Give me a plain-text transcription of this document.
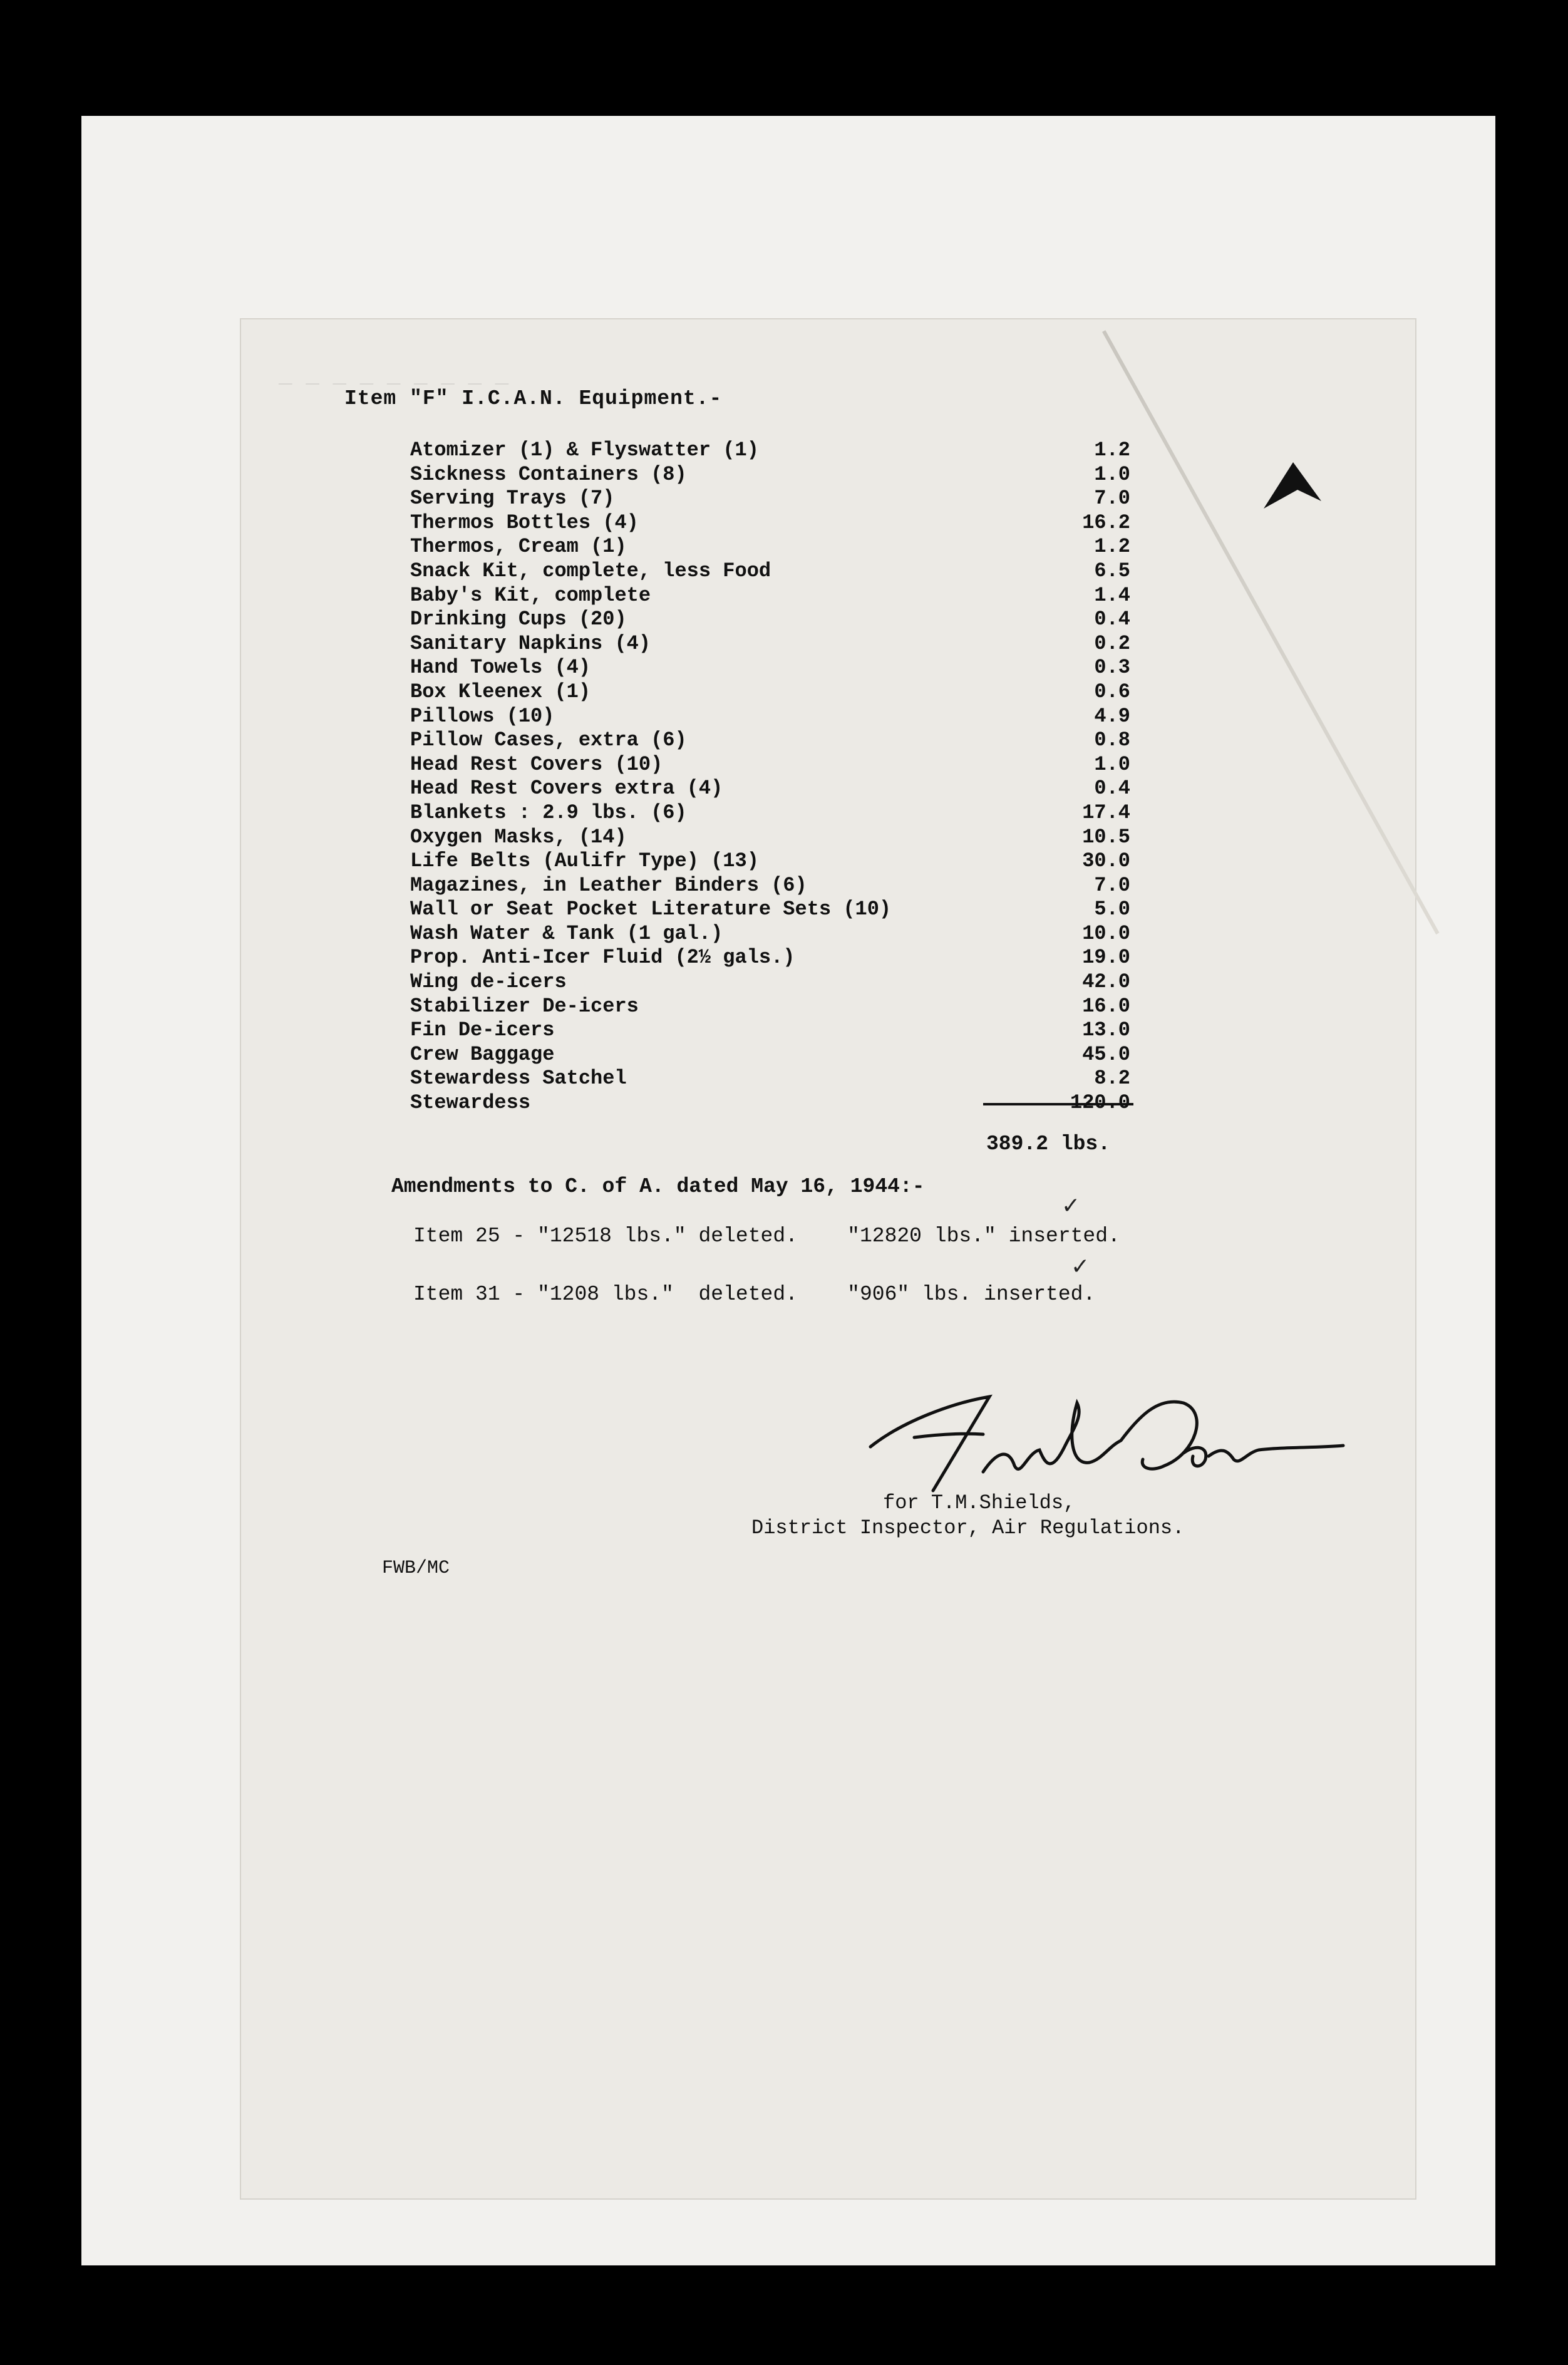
_ _ _ _ _ _ _ _ _
Item "F" I.C.A.N. Equipment.-
Atomizer (1) & Flyswatter (1)	1.2
Sickness Containers (8)	1.0
Serving Trays (7)	7.0
Thermos Bottles (4)	16.2
Thermos, Cream (1)	1.2
Snack Kit, complete, less Food	6.5
Baby's Kit, complete	1.4
Drinking Cups (20)	0.4
Sanitary Napkins (4)	0.2
Hand Towels (4)	0.3
Box Kleenex (1)	0.6
Pillows (10)	4.9
Pillow Cases, extra (6)	0.8
Head Rest Covers (10)	1.0
Head Rest Covers extra (4)	0.4
Blankets : 2.9 lbs. (6)	17.4
Oxygen Masks, (14)	10.5
Life Belts (Aulifr Type) (13)	30.0
Magazines, in Leather Binders (6)	7.0
Wall or Seat Pocket Literature Sets (10)	5.0
Wash Water & Tank (1 gal.)	10.0
Prop. Anti-Icer Fluid (2½ gals.)	19.0
Wing de-icers	42.0
Stabilizer De-icers	16.0
Fin De-icers	13.0
Crew Baggage	45.0
Stewardess Satchel	8.2
Stewardess	120.0
389.2 lbs.
Amendments to C. of A. dated May 16, 1944:-
Item 25 - "12518 lbs." deleted. "12820 lbs." inserted.
✓
Item 31 - "1208 lbs." deleted. "906" lbs. inserted.
✓
for T.M.Shields,
District Inspector, Air Regulations.
FWB/MC
